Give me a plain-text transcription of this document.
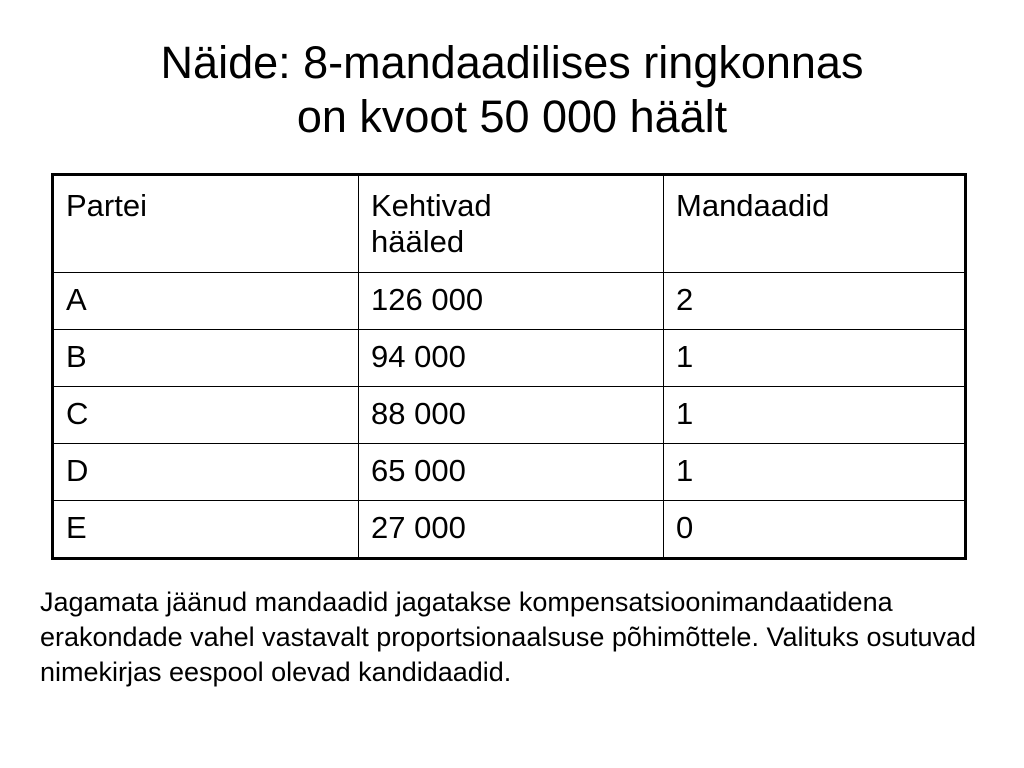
Näide: 8-mandaadilises ringkonnas
on kvoot 50 000 häält
Partei	Kehtivad hääled	Mandaadid
A	126 000	2
B	94 000	1
C	88 000	1
D	65 000	1
E	27 000	0

Jagamata jäänud mandaadid jagatakse kompensatsioonimandaatidena erakondade vahel vastavalt proportsionaalsuse põhimõttele. Valituks osutuvad nimekirjas eespool olevad kandidaadid.
